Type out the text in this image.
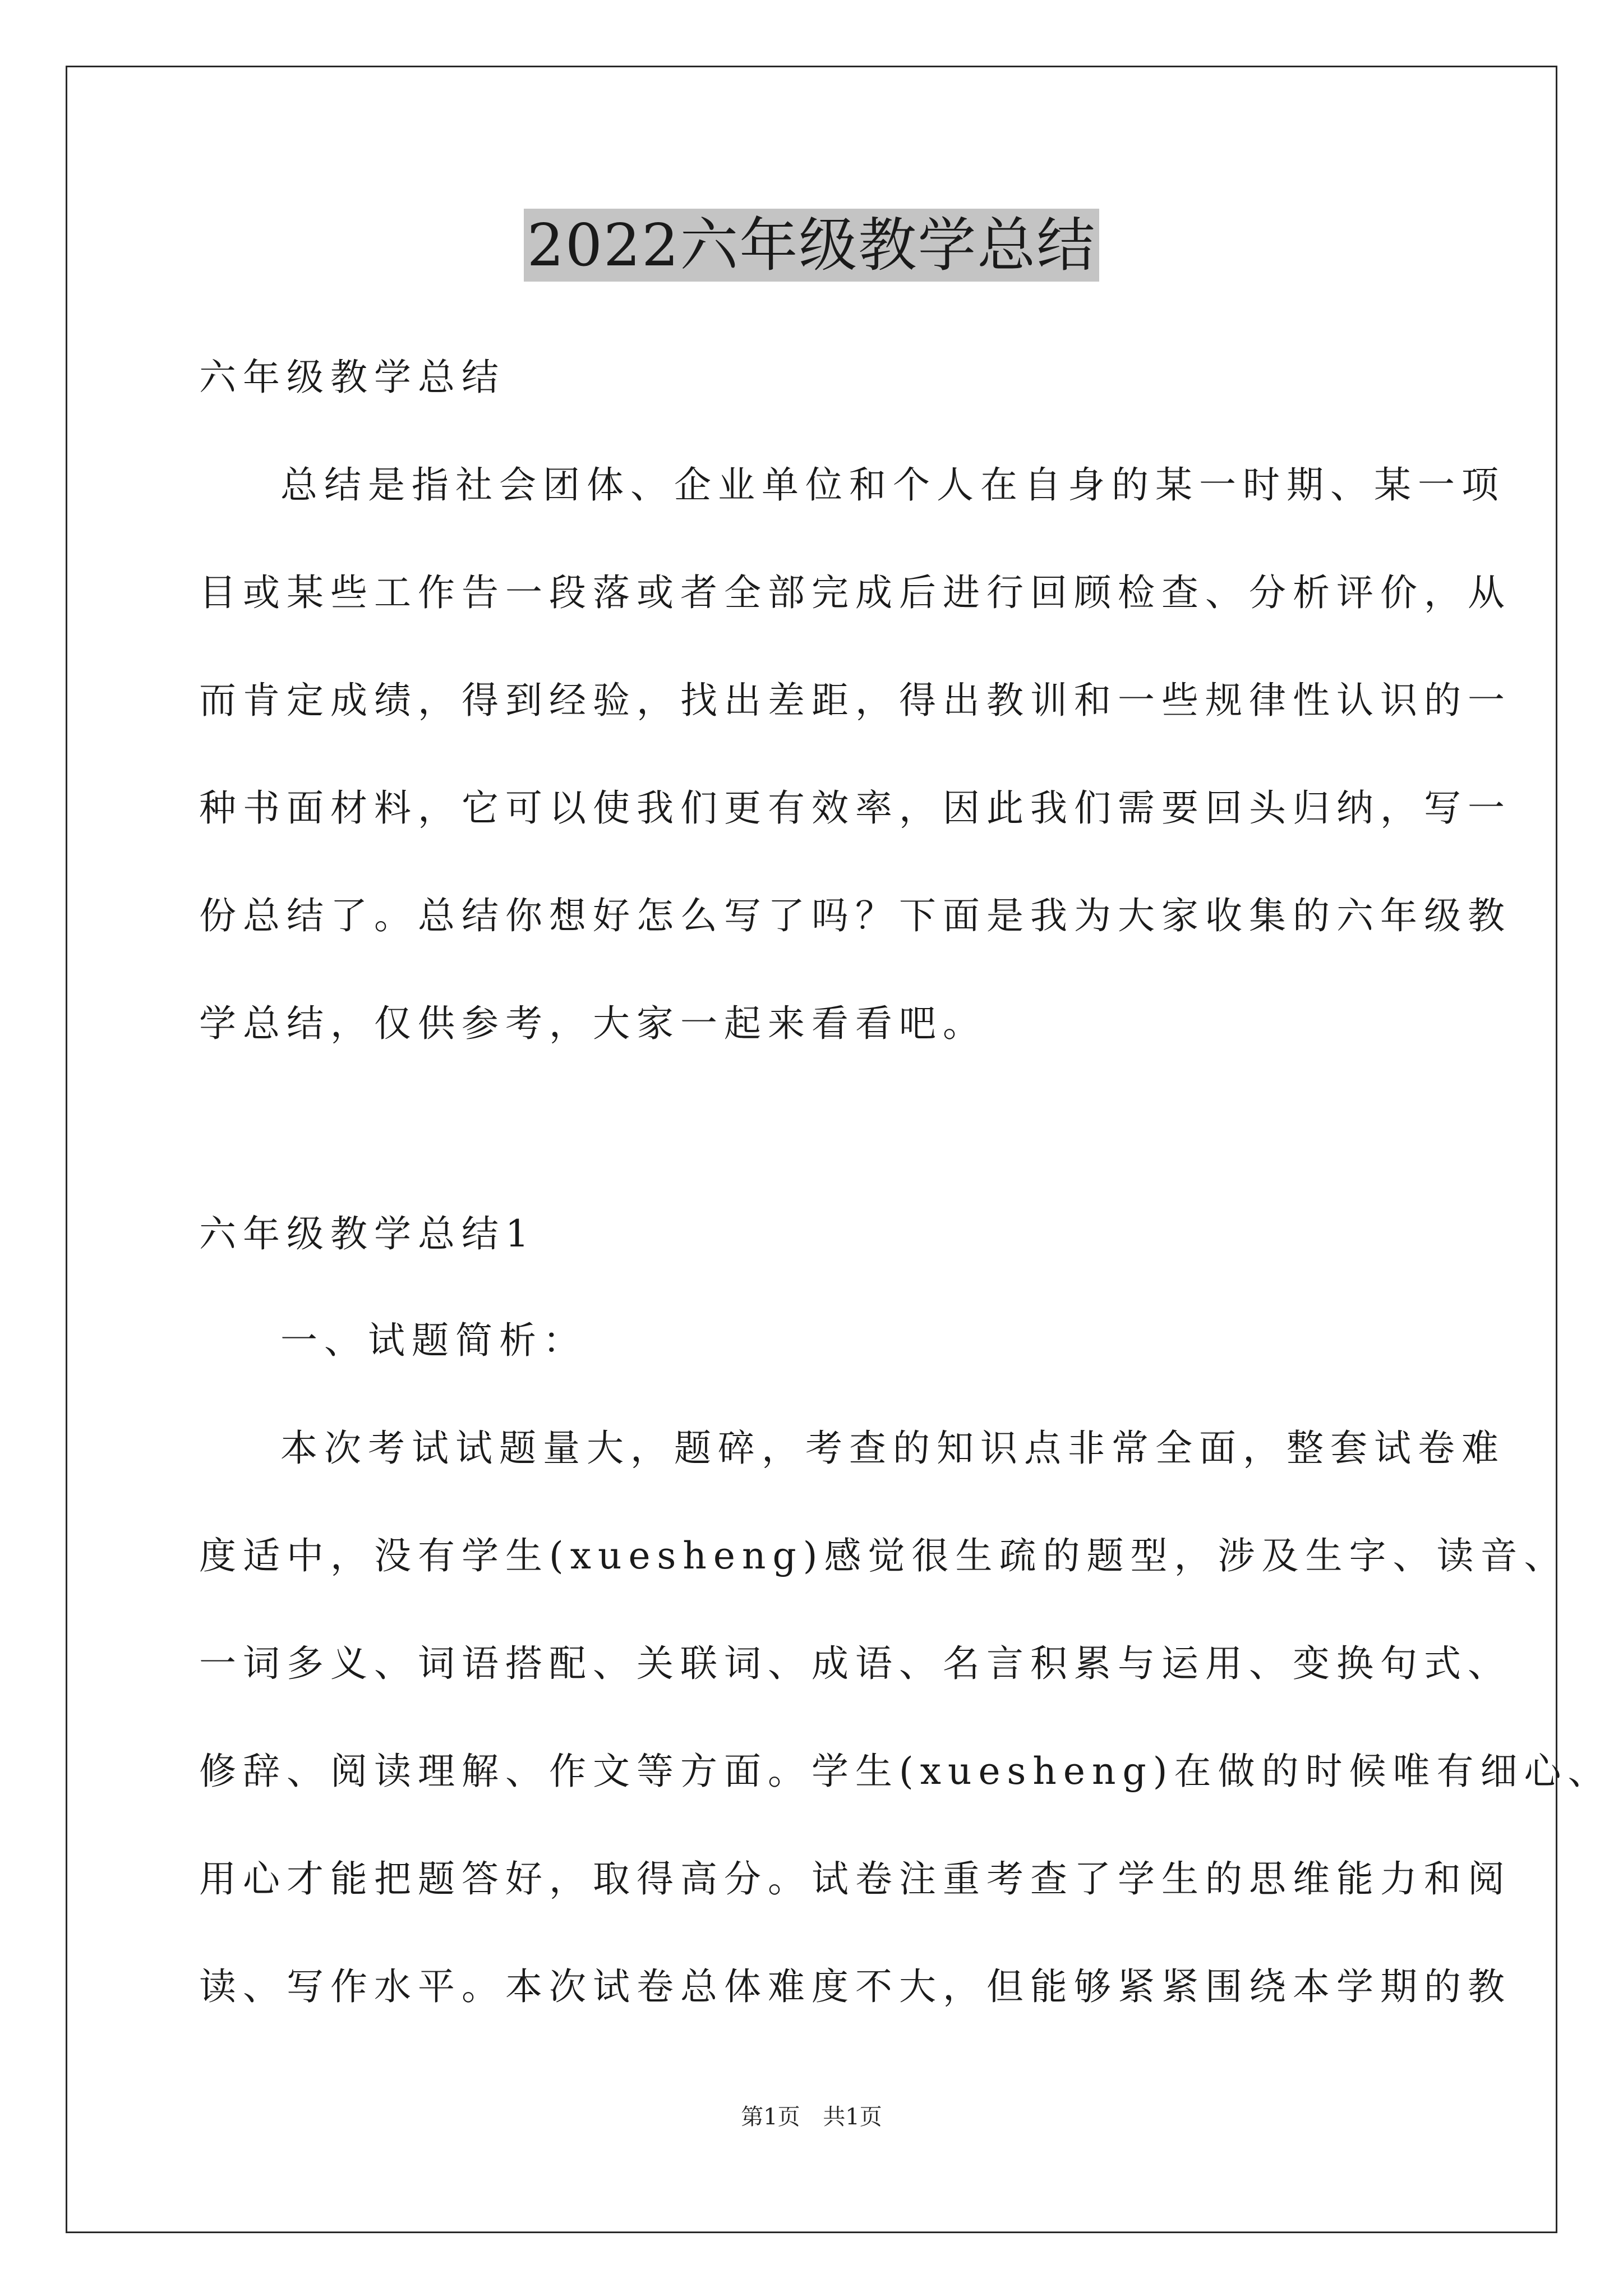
2022六年级教学总结
六年级教学总结
总结是指社会团体、企业单位和个人在自身的某一时期、某一项
目或某些工作告一段落或者全部完成后进行回顾检查、分析评价，从
而肯定成绩，得到经验，找出差距，得出教训和一些规律性认识的一
种书面材料，它可以使我们更有效率，因此我们需要回头归纳，写一
份总结了。总结你想好怎么写了吗？下面是我为大家收集的六年级教
学总结，仅供参考，大家一起来看看吧。
六年级教学总结1
一、试题简析：
本次考试试题量大，题碎，考查的知识点非常全面，整套试卷难
度适中，没有学生(xuesheng)感觉很生疏的题型，涉及生字、读音、
一词多义、词语搭配、关联词、成语、名言积累与运用、变换句式、
修辞、阅读理解、作文等方面。学生(xuesheng)在做的时候唯有细心、
用心才能把题答好，取得高分。试卷注重考查了学生的思维能力和阅
读、写作水平。本次试卷总体难度不大，但能够紧紧围绕本学期的教
第1页 共1页
